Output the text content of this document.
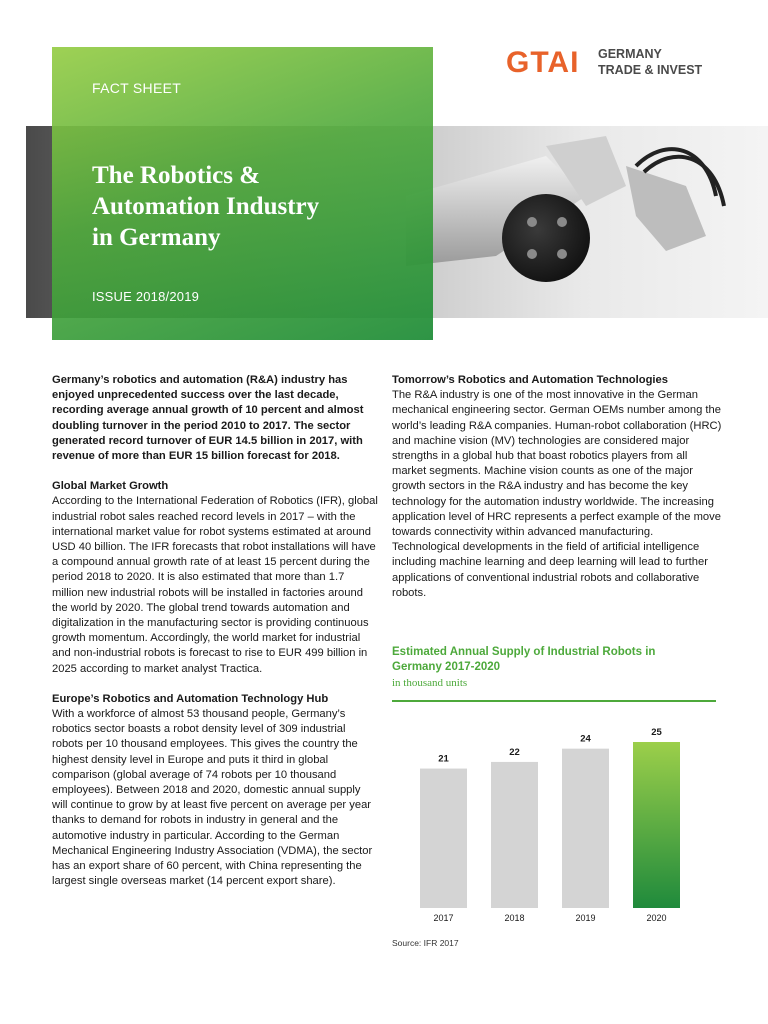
FACT SHEET
The Robotics &
Automation Industry
in Germany
ISSUE 2018/2019
GTAI GERMANY
TRADE & INVEST
Germany’s robotics and automation (R&A) industry has enjoyed unprecedented success over the last decade, recording average annual growth of 10 percent and almost doubling turnover in the period 2010 to 2017. The sector generated record turnover of EUR 14.5 billion in 2017, with revenue of more than EUR 15 billion forecast for 2018.
Global Market Growth
According to the International Federation of Robotics (IFR), global industrial robot sales reached record levels in 2017 – with the international market value for robot systems estimated at around USD 40 billion. The IFR forecasts that robot installations will have a compound annual growth rate of at least 15 percent during the period 2018 to 2020. It is also estimated that more than 1.7 million new industrial robots will be installed in factories around the world by 2020. The global trend towards automation and digitalization in the manufacturing sector is providing continuous growth momentum. Accordingly, the world market for industrial and non-industrial robots is forecast to rise to EUR 499 billion in 2025 according to market analyst Tractica.
Europe’s Robotics and Automation Technology Hub
With a workforce of almost 53 thousand people, Germany’s robotics sector boasts a robot density level of 309 industrial robots per 10 thousand employees. This gives the country the highest density level in Europe and puts it third in global comparison (global average of 74 robots per 10 thousand employees). Between 2018 and 2020, domestic annual supply will continue to grow by at least five percent on average per year thanks to demand for robots in industry in general and the automotive industry in particular. According to the German Mechanical Engineering Industry Association (VDMA), the sector has an export share of 60 percent, with China representing the largest single overseas market (14 percent export share).
Tomorrow’s Robotics and Automation Technologies
The R&A industry is one of the most innovative in the German mechanical engineering sector. German OEMs number among the world’s leading R&A companies. Human-robot collaboration (HRC) and machine vision (MV) technologies are considered major strengths in a global hub that boast robotics players from all market segments. Machine vision counts as one of the major growth sectors in the R&A industry and has become the key technology for the automation industry worldwide. The increasing application level of HRC represents a perfect example of the move towards connectivity within advanced manufacturing. Technological developments in the field of artificial intelligence including machine learning and deep learning will lead to further applications of conventional industrial robots and collaborative robots.
Estimated Annual Supply of Industrial Robots in Germany 2017-2020
in thousand units
21
2017
22
2018
24
2019
25
2020
Source: IFR 2017
